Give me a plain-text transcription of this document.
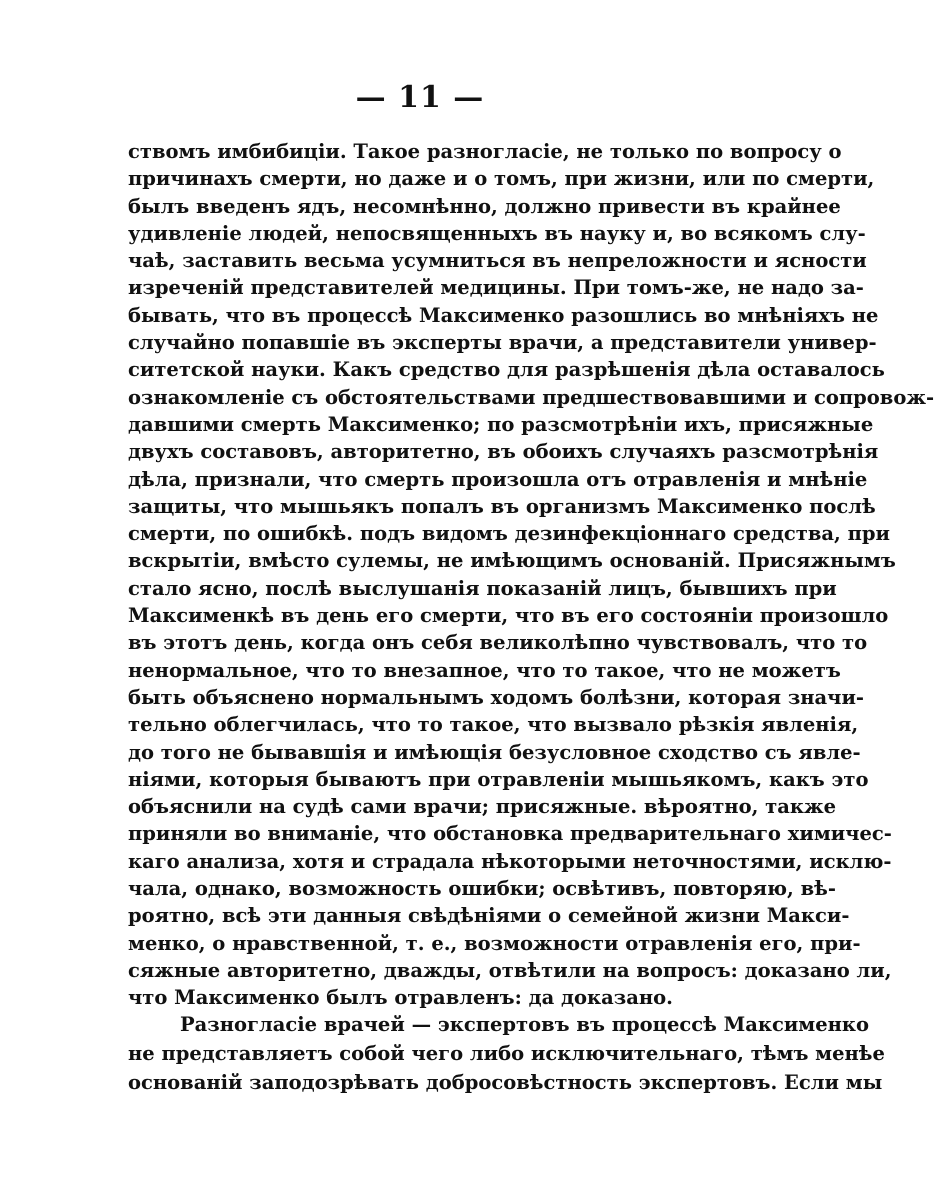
— 11 —
ствомъ имбибиціи. Такое разногласіе, не только по вопросу о
причинахъ смерти, но даже и о томъ, при жизни, или по смерти,
былъ введенъ ядъ, несомнѣнно, должно привести въ крайнее
удивленіе людей, непосвященныхъ въ науку и, во всякомъ слу-
чаѣ, заставить весьма усумниться въ непреложности и ясности
изреченій представителей медицины. При томъ-же, не надо за-
бывать, что въ процессѣ Максименко разошлись во мнѣніяхъ не
случайно попавшіе въ эксперты врачи, а представители универ-
ситетской науки. Какъ средство для разрѣшенія дѣла оставалось
ознакомленіе съ обстоятельствами предшествовавшими и сопровож-
давшими смерть Максименко; по разсмотрѣніи ихъ, присяжные
двухъ составовъ, авторитетно, въ обоихъ случаяхъ разсмотрѣнія
дѣла, признали, что смерть произошла отъ отравленія и мнѣніе
защиты, что мышьякъ попалъ въ организмъ Максименко послѣ
смерти, по ошибкѣ. подъ видомъ дезинфекціоннаго средства, при
вскрытіи, вмѣсто сулемы, не имѣющимъ основаній. Присяжнымъ
стало ясно, послѣ выслушанія показаній лицъ, бывшихъ при
Максименкѣ въ день его смерти, что въ его состояніи произошло
въ этотъ день, когда онъ себя великолѣпно чувствовалъ, что то
ненормальное, что то внезапное, что то такое, что не можетъ
быть объяснено нормальнымъ ходомъ болѣзни, которая значи-
тельно облегчилась, что то такое, что вызвало рѣзкія явленія,
до того не бывавшія и имѣющія безусловное сходство съ явле-
ніями, которыя бываютъ при отравленіи мышьякомъ, какъ это
объяснили на судѣ сами врачи; присяжные. вѣроятно, также
приняли во вниманіе, что обстановка предварительнаго химичес-
каго анализа, хотя и страдала нѣкоторыми неточностями, исклю-
чала, однако, возможность ошибки; освѣтивъ, повторяю, вѣ-
роятно, всѣ эти данныя свѣдѣніями о семейной жизни Макси-
менко, о нравственной, т. е., возможности отравленія его, при-
сяжные авторитетно, дважды, отвѣтили на вопросъ: доказано ли,
что Максименко былъ отравленъ: да доказано.
Разногласіе врачей — экспертовъ въ процессѣ Максименко
не представляетъ собой чего либо исключительнаго, тѣмъ менѣе
основаній заподозрѣвать добросовѣстность экспертовъ. Если мы
